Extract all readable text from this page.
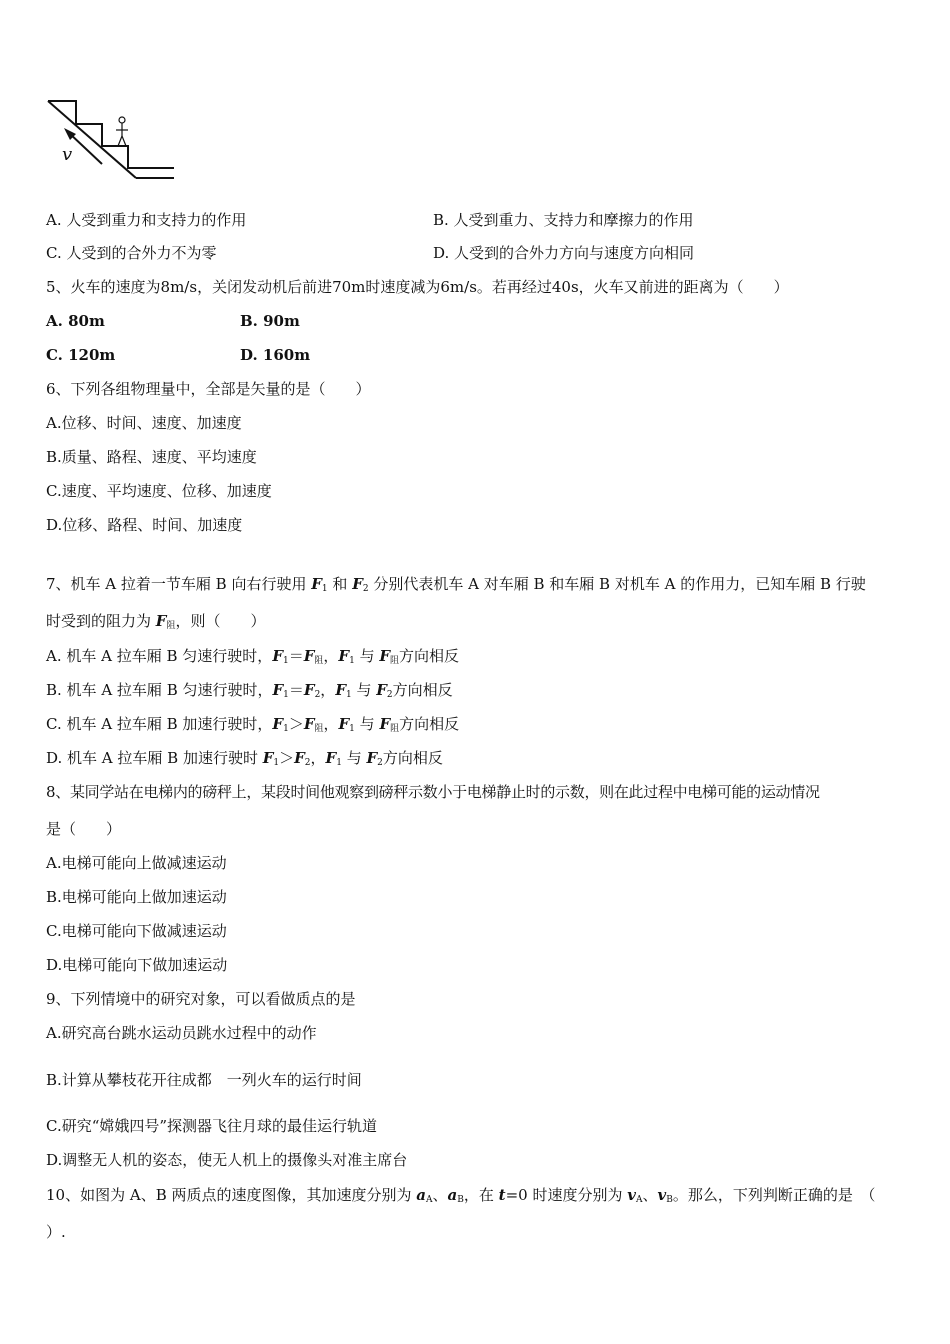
v
A. 人受到重力和支持力的作用	B. 人受到重力、支持力和摩擦力的作用
C. 人受到的合外力不为零	D. 人受到的合外力方向与速度方向相同
5、火车的速度为8m/s，关闭发动机后前进70m时速度减为6m/s。若再经过40s，火车又前进的距离为（　　）
A. 80m	B. 90m
C. 120m	D. 160m
6、下列各组物理量中，全部是矢量的是（　　）
A.位移、时间、速度、加速度
B.质量、路程、速度、平均速度
C.速度、平均速度、位移、加速度
D.位移、路程、时间、加速度
7、机车 A 拉着一节车厢 B 向右行驶用 $F_1$ 和 $F_2$ 分别代表机车 A 对车厢 B 和车厢 B 对机车 A 的作用力，已知车厢 B 行驶
时受到的阻力为 $F_阻$，则（　　）
A. 机车 A 拉车厢 B 匀速行驶时，$F_1=F_阻$，$F_1$ 与 $F_阻$方向相反
B. 机车 A 拉车厢 B 匀速行驶时，$F_1=F_2$，$F_1$ 与 $F_2$方向相反
C. 机车 A 拉车厢 B 加速行驶时，$F_1>F_阻$，$F_1$ 与 $F_阻$方向相反
D. 机车 A 拉车厢 B 加速行驶时 $F_1>F_2$，$F_1$ 与 $F_2$方向相反
8、某同学站在电梯内的磅秤上，某段时间他观察到磅秤示数小于电梯静止时的示数，则在此过程中电梯可能的运动情况
是（　　）
A.电梯可能向上做减速运动
B.电梯可能向上做加速运动
C.电梯可能向下做减速运动
D.电梯可能向下做加速运动
9、下列情境中的研究对象，可以看做质点的是
A.研究高台跳水运动员跳水过程中的动作
B.计算从攀枝花开往成都　一列火车的运行时间
C.研究“嫦娥四号”探测器飞往月球的最佳运行轨道
D.调整无人机的姿态，使无人机上的摄像头对准主席台
10、如图为 A、B 两质点的速度图像，其加速度分别为 $a_A$、$a_B$，在 t=0 时速度分别为 $v_A$、$v_B$。那么，下列判断正确的是　（
）.
